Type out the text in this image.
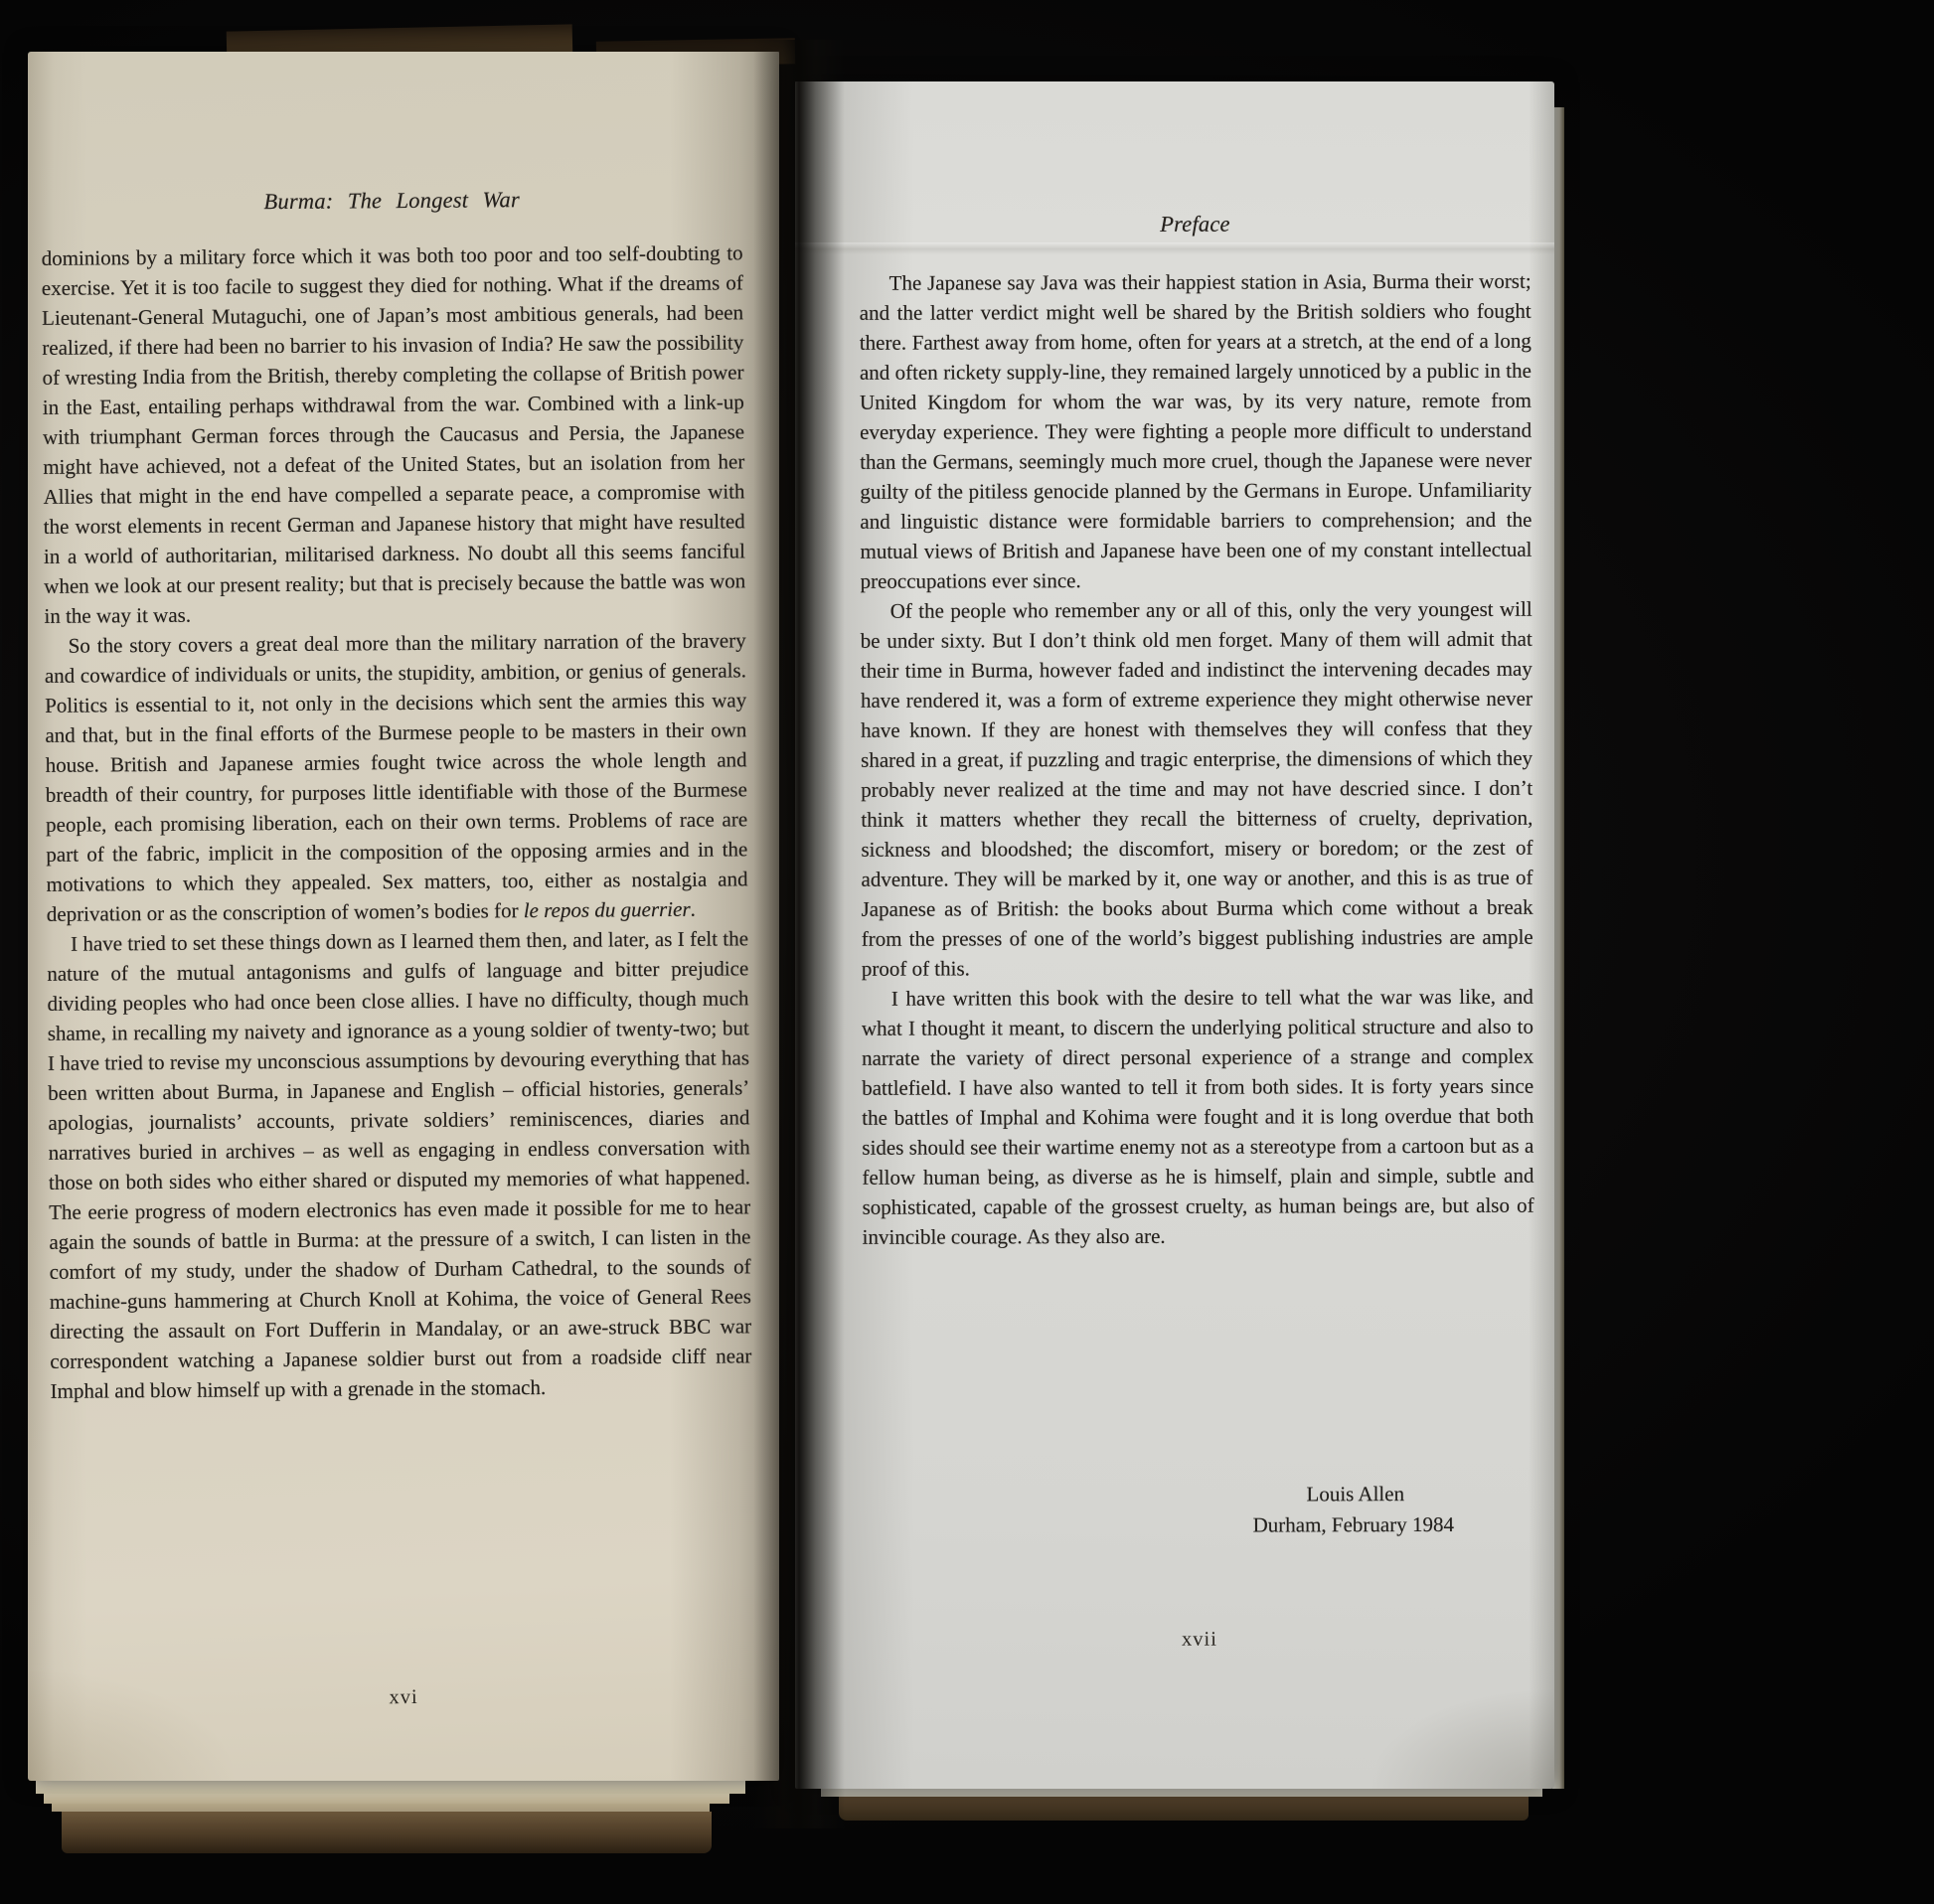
Burma: The Longest War

dominions by a military force which it was both too poor and too self-doubting to exercise. Yet it is too facile to suggest they died for nothing. What if the dreams of Lieutenant-General Mutaguchi, one of Japan’s most ambitious generals, had been realized, if there had been no barrier to his invasion of India? He saw the possibility of wresting India from the British, thereby completing the collapse of British power in the East, entailing perhaps withdrawal from the war. Combined with a link-up with triumphant German forces through the Caucasus and Persia, the Japanese might have achieved, not a defeat of the United States, but an isolation from her Allies that might in the end have compelled a separate peace, a compromise with the worst elements in recent German and Japanese history that might have resulted in a world of authoritarian, militarised darkness. No doubt all this seems fanciful when we look at our present reality; but that is precisely because the battle was won in the way it was.

So the story covers a great deal more than the military narration of the bravery and cowardice of individuals or units, the stupidity, ambition, or genius of generals. Politics is essential to it, not only in the decisions which sent the armies this way and that, but in the final efforts of the Burmese people to be masters in their own house. British and Japanese armies fought twice across the whole length and breadth of their country, for purposes little identifiable with those of the Burmese people, each promising liberation, each on their own terms. Problems of race are part of the fabric, implicit in the composition of the opposing armies and in the motivations to which they appealed. Sex matters, too, either as nostalgia and deprivation or as the conscription of women’s bodies for le repos du guerrier.

I have tried to set these things down as I learned them then, and later, as I felt the nature of the mutual antagonisms and gulfs of language and bitter prejudice dividing peoples who had once been close allies. I have no difficulty, though much shame, in recalling my naivety and ignorance as a young soldier of twenty-two; but I have tried to revise my unconscious assumptions by devouring everything that has been written about Burma, in Japanese and English – official histories, generals’ apologias, journalists’ accounts, private soldiers’ reminiscences, diaries and narratives buried in archives – as well as engaging in endless conversation with those on both sides who either shared or disputed my memories of what happened. The eerie progress of modern electronics has even made it possible for me to hear again the sounds of battle in Burma: at the pressure of a switch, I can listen in the comfort of my study, under the shadow of Durham Cathedral, to the sounds of machine-guns hammering at Church Knoll at Kohima, the voice of General Rees directing the assault on Fort Dufferin in Mandalay, or an awe-struck BBC war correspondent watching a Japanese soldier burst out from a roadside cliff near Imphal and blow himself up with a grenade in the stomach.

xvi
Preface

The Japanese say Java was their happiest station in Asia, Burma their worst; and the latter verdict might well be shared by the British soldiers who fought there. Farthest away from home, often for years at a stretch, at the end of a long and often rickety supply-line, they remained largely unnoticed by a public in the United Kingdom for whom the war was, by its very nature, remote from everyday experience. They were fighting a people more difficult to understand than the Germans, seemingly much more cruel, though the Japanese were never guilty of the pitiless genocide planned by the Germans in Europe. Unfamiliarity and linguistic distance were formidable barriers to comprehension; and the mutual views of British and Japanese have been one of my constant intellectual preoccupations ever since.

Of the people who remember any or all of this, only the very youngest will be under sixty. But I don’t think old men forget. Many of them will admit that their time in Burma, however faded and indistinct the intervening decades may have rendered it, was a form of extreme experience they might otherwise never have known. If they are honest with themselves they will confess that they shared in a great, if puzzling and tragic enterprise, the dimensions of which they probably never realized at the time and may not have descried since. I don’t think it matters whether they recall the bitterness of cruelty, deprivation, sickness and bloodshed; the discomfort, misery or boredom; or the zest of adventure. They will be marked by it, one way or another, and this is as true of Japanese as of British: the books about Burma which come without a break from the presses of one of the world’s biggest publishing industries are ample proof of this.

I have written this book with the desire to tell what the war was like, and what I thought it meant, to discern the underlying political structure and also to narrate the variety of direct personal experience of a strange and complex battlefield. I have also wanted to tell it from both sides. It is forty years since the battles of Imphal and Kohima were fought and it is long overdue that both sides should see their wartime enemy not as a stereotype from a cartoon but as a fellow human being, as diverse as he is himself, plain and simple, subtle and sophisticated, capable of the grossest cruelty, as human beings are, but also of invincible courage. As they also are.

Louis Allen
Durham, February 1984
xvii
